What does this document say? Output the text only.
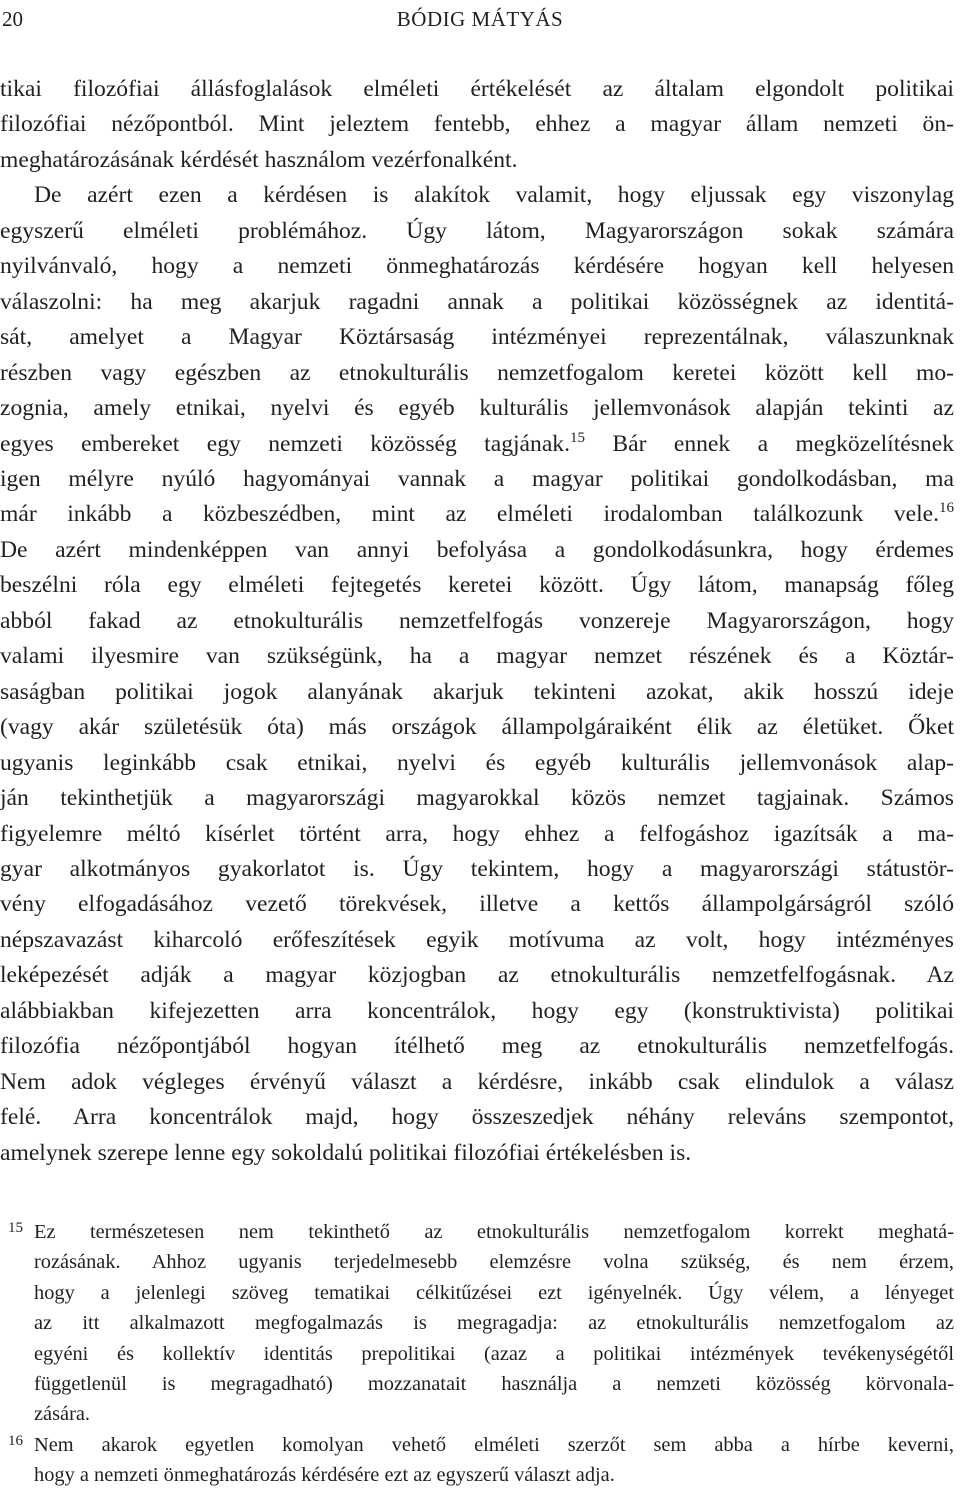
20	BÓDIG MÁTYÁS
tikai filozófiai állásfoglalások elméleti értékelését az általam elgondolt politikai
filozófiai nézőpontból. Mint jeleztem fentebb, ehhez a magyar állam nemzeti ön-
meghatározásának kérdését használom vezérfonalként.
De azért ezen a kérdésen is alakítok valamit, hogy eljussak egy viszonylag
egyszerű elméleti problémához. Úgy látom, Magyarországon sokak számára
nyilvánvaló, hogy a nemzeti önmeghatározás kérdésére hogyan kell helyesen
válaszolni: ha meg akarjuk ragadni annak a politikai közösségnek az identitá-
sát, amelyet a Magyar Köztársaság intézményei reprezentálnak, válaszunknak
részben vagy egészben az etnokulturális nemzetfogalom keretei között kell mo-
zognia, amely etnikai, nyelvi és egyéb kulturális jellemvonások alapján tekinti az
egyes embereket egy nemzeti közösség tagjának.$^{15}$ Bár ennek a megközelítésnek
igen mélyre nyúló hagyományai vannak a magyar politikai gondolkodásban, ma
már inkább a közbeszédben, mint az elméleti irodalomban találkozunk vele.$^{16}$
De azért mindenképpen van annyi befolyása a gondolkodásunkra, hogy érdemes
beszélni róla egy elméleti fejtegetés keretei között. Úgy látom, manapság főleg
abból fakad az etnokulturális nemzetfelfogás vonzereje Magyarországon, hogy
valami ilyesmire van szükségünk, ha a magyar nemzet részének és a Köztár-
saságban politikai jogok alanyának akarjuk tekinteni azokat, akik hosszú ideje
(vagy akár születésük óta) más országok állampolgáraiként élik az életüket. Őket
ugyanis leginkább csak etnikai, nyelvi és egyéb kulturális jellemvonások alap-
ján tekinthetjük a magyarországi magyarokkal közös nemzet tagjainak. Számos
figyelemre méltó kísérlet történt arra, hogy ehhez a felfogáshoz igazítsák a ma-
gyar alkotmányos gyakorlatot is. Úgy tekintem, hogy a magyarországi státustör-
vény elfogadásához vezető törekvések, illetve a kettős állampolgárságról szóló
népszavazást kiharcoló erőfeszítések egyik motívuma az volt, hogy intézményes
leképezését adják a magyar közjogban az etnokulturális nemzetfelfogásnak. Az
alábbiakban kifejezetten arra koncentrálok, hogy egy (konstruktivista) politikai
filozófia nézőpontjából hogyan ítélhető meg az etnokulturális nemzetfelfogás.
Nem adok végleges érvényű választ a kérdésre, inkább csak elindulok a válasz
felé. Arra koncentrálok majd, hogy összeszedjek néhány releváns szempontot,
amelynek szerepe lenne egy sokoldalú politikai filozófiai értékelésben is.
15 Ez természetesen nem tekinthető az etnokulturális nemzetfogalom korrekt meghatá-
rozásának. Ahhoz ugyanis terjedelmesebb elemzésre volna szükség, és nem érzem,
hogy a jelenlegi szöveg tematikai célkitűzései ezt igényelnék. Úgy vélem, a lényeget
az itt alkalmazott megfogalmazás is megragadja: az etnokulturális nemzetfogalom az
egyéni és kollektív identitás prepolitikai (azaz a politikai intézmények tevékenységétől
függetlenül is megragadható) mozzanatait használja a nemzeti közösség körvonala-
zására.
16 Nem akarok egyetlen komolyan vehető elméleti szerzőt sem abba a hírbe keverni,
hogy a nemzeti önmeghatározás kérdésére ezt az egyszerű választ adja.
